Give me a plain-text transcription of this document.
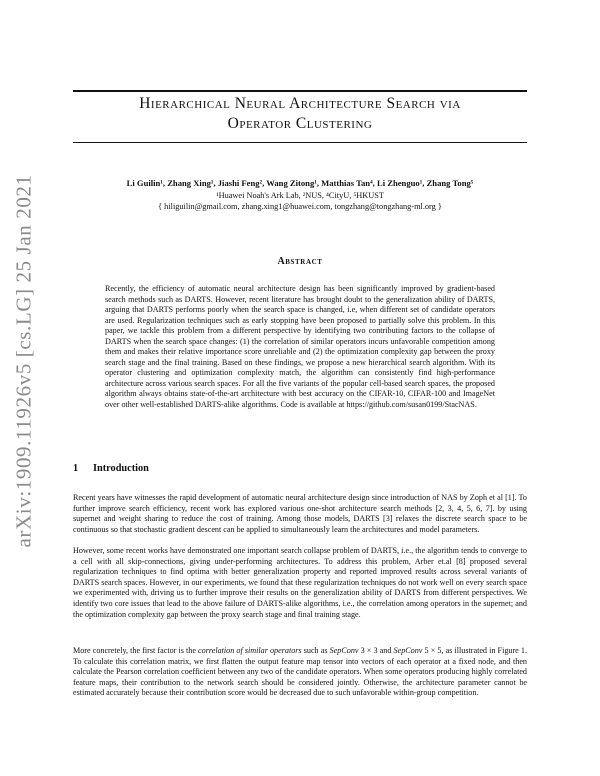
arXiv:1909.11926v5 [cs.LG] 25 Jan 2021
Hierarchical Neural Architecture Search via
Operator Clustering
Li Guilin¹, Zhang Xing¹, Jiashi Feng², Wang Zitong¹, Matthias Tan⁴, Li Zhenguo¹, Zhang Tong⁵
¹Huawei Noah's Ark Lab, ²NUS, ⁴CityU, ⁵HKUST
{ hiliguilin@gmail.com, zhang.xing1@huawei.com, tongzhang@tongzhang-ml.org }
Abstract

Recently, the efficiency of automatic neural architecture design has been significantly improved by gradient-based search methods such as DARTS. However, recent literature has brought doubt to the generalization ability of DARTS, arguing that DARTS performs poorly when the search space is changed, i.e, when different set of candidate operators are used. Regularization techniques such as early stopping have been proposed to partially solve this problem. In this paper, we tackle this problem from a different perspective by identifying two contributing factors to the collapse of DARTS when the search space changes: (1) the correlation of similar operators incurs unfavorable competition among them and makes their relative importance score unreliable and (2) the optimization complexity gap between the proxy search stage and the final training. Based on these findings, we propose a new hierarchical search algorithm. With its operator clustering and optimization complexity match, the algorithm can consistently find high-performance architecture across various search spaces. For all the five variants of the popular cell-based search spaces, the proposed algorithm always obtains state-of-the-art architecture with best accuracy on the CIFAR-10, CIFAR-100 and ImageNet over other well-established DARTS-alike algorithms. Code is available at https://github.com/susan0199/StacNAS.

1 Introduction

Recent years have witnesses the rapid development of automatic neural architecture design since introduction of NAS by Zoph et al [1]. To further improve search efficiency, recent work has explored various one-shot architecture search methods [2, 3, 4, 5, 6, 7]. by using supernet and weight sharing to reduce the cost of training. Among those models, DARTS [3] relaxes the discrete search space to be continuous so that stochastic gradient descent can be applied to simultaneously learn the architectures and model parameters.

However, some recent works have demonstrated one important search collapse problem of DARTS, i.e., the algorithm tends to converge to a cell with all skip-connections, giving under-performing architectures. To address this problem, Arber et.al [8] proposed several regularization techniques to find optima with better generalization property and reported improved results across several variants of DARTS search spaces. However, in our experiments, we found that these regularization techniques do not work well on every search space we experimented with, driving us to further improve their results on the generalization ability of DARTS from different perspectives. We identify two core issues that lead to the above failure of DARTS-alike algorithms, i.e., the correlation among operators in the supernet; and the optimization complexity gap between the proxy search stage and final training stage.

More concretely, the first factor is the correlation of similar operators such as SepConv 3 × 3 and SepConv 5 × 5, as illustrated in Figure 1. To calculate this correlation matrix, we first flatten the output feature map tensor into vectors of each operator at a fixed node, and then calculate the Pearson correlation coefficient between any two of the candidate operators. When some operators producing highly correlated feature maps, their contribution to the network search should be considered jointly. Otherwise, the architecture parameter cannot be estimated accurately because their contribution score would be decreased due to such unfavorable within-group competition.
